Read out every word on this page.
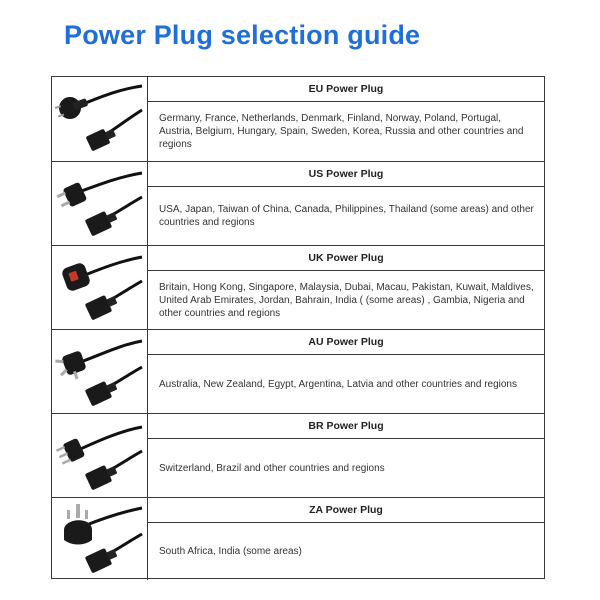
Power Plug selection guide
EU Power Plug
Germany, France, Netherlands, Denmark, Finland, Norway, Poland, Portugal, Austria, Belgium, Hungary, Spain, Sweden, Korea, Russia and other countries and regions
US Power Plug
USA, Japan, Taiwan of China, Canada, Philippines, Thailand (some areas) and other countries and regions
UK Power Plug
Britain, Hong Kong, Singapore, Malaysia, Dubai, Macau, Pakistan, Kuwait, Maldives, United Arab Emirates, Jordan, Bahrain, India ( (some areas) , Gambia, Nigeria and other countries and regions
AU Power Plug
Australia, New Zealand, Egypt, Argentina, Latvia and other countries and regions
BR Power Plug
Switzerland, Brazil and other countries and regions
ZA Power Plug
South Africa, India (some areas)
